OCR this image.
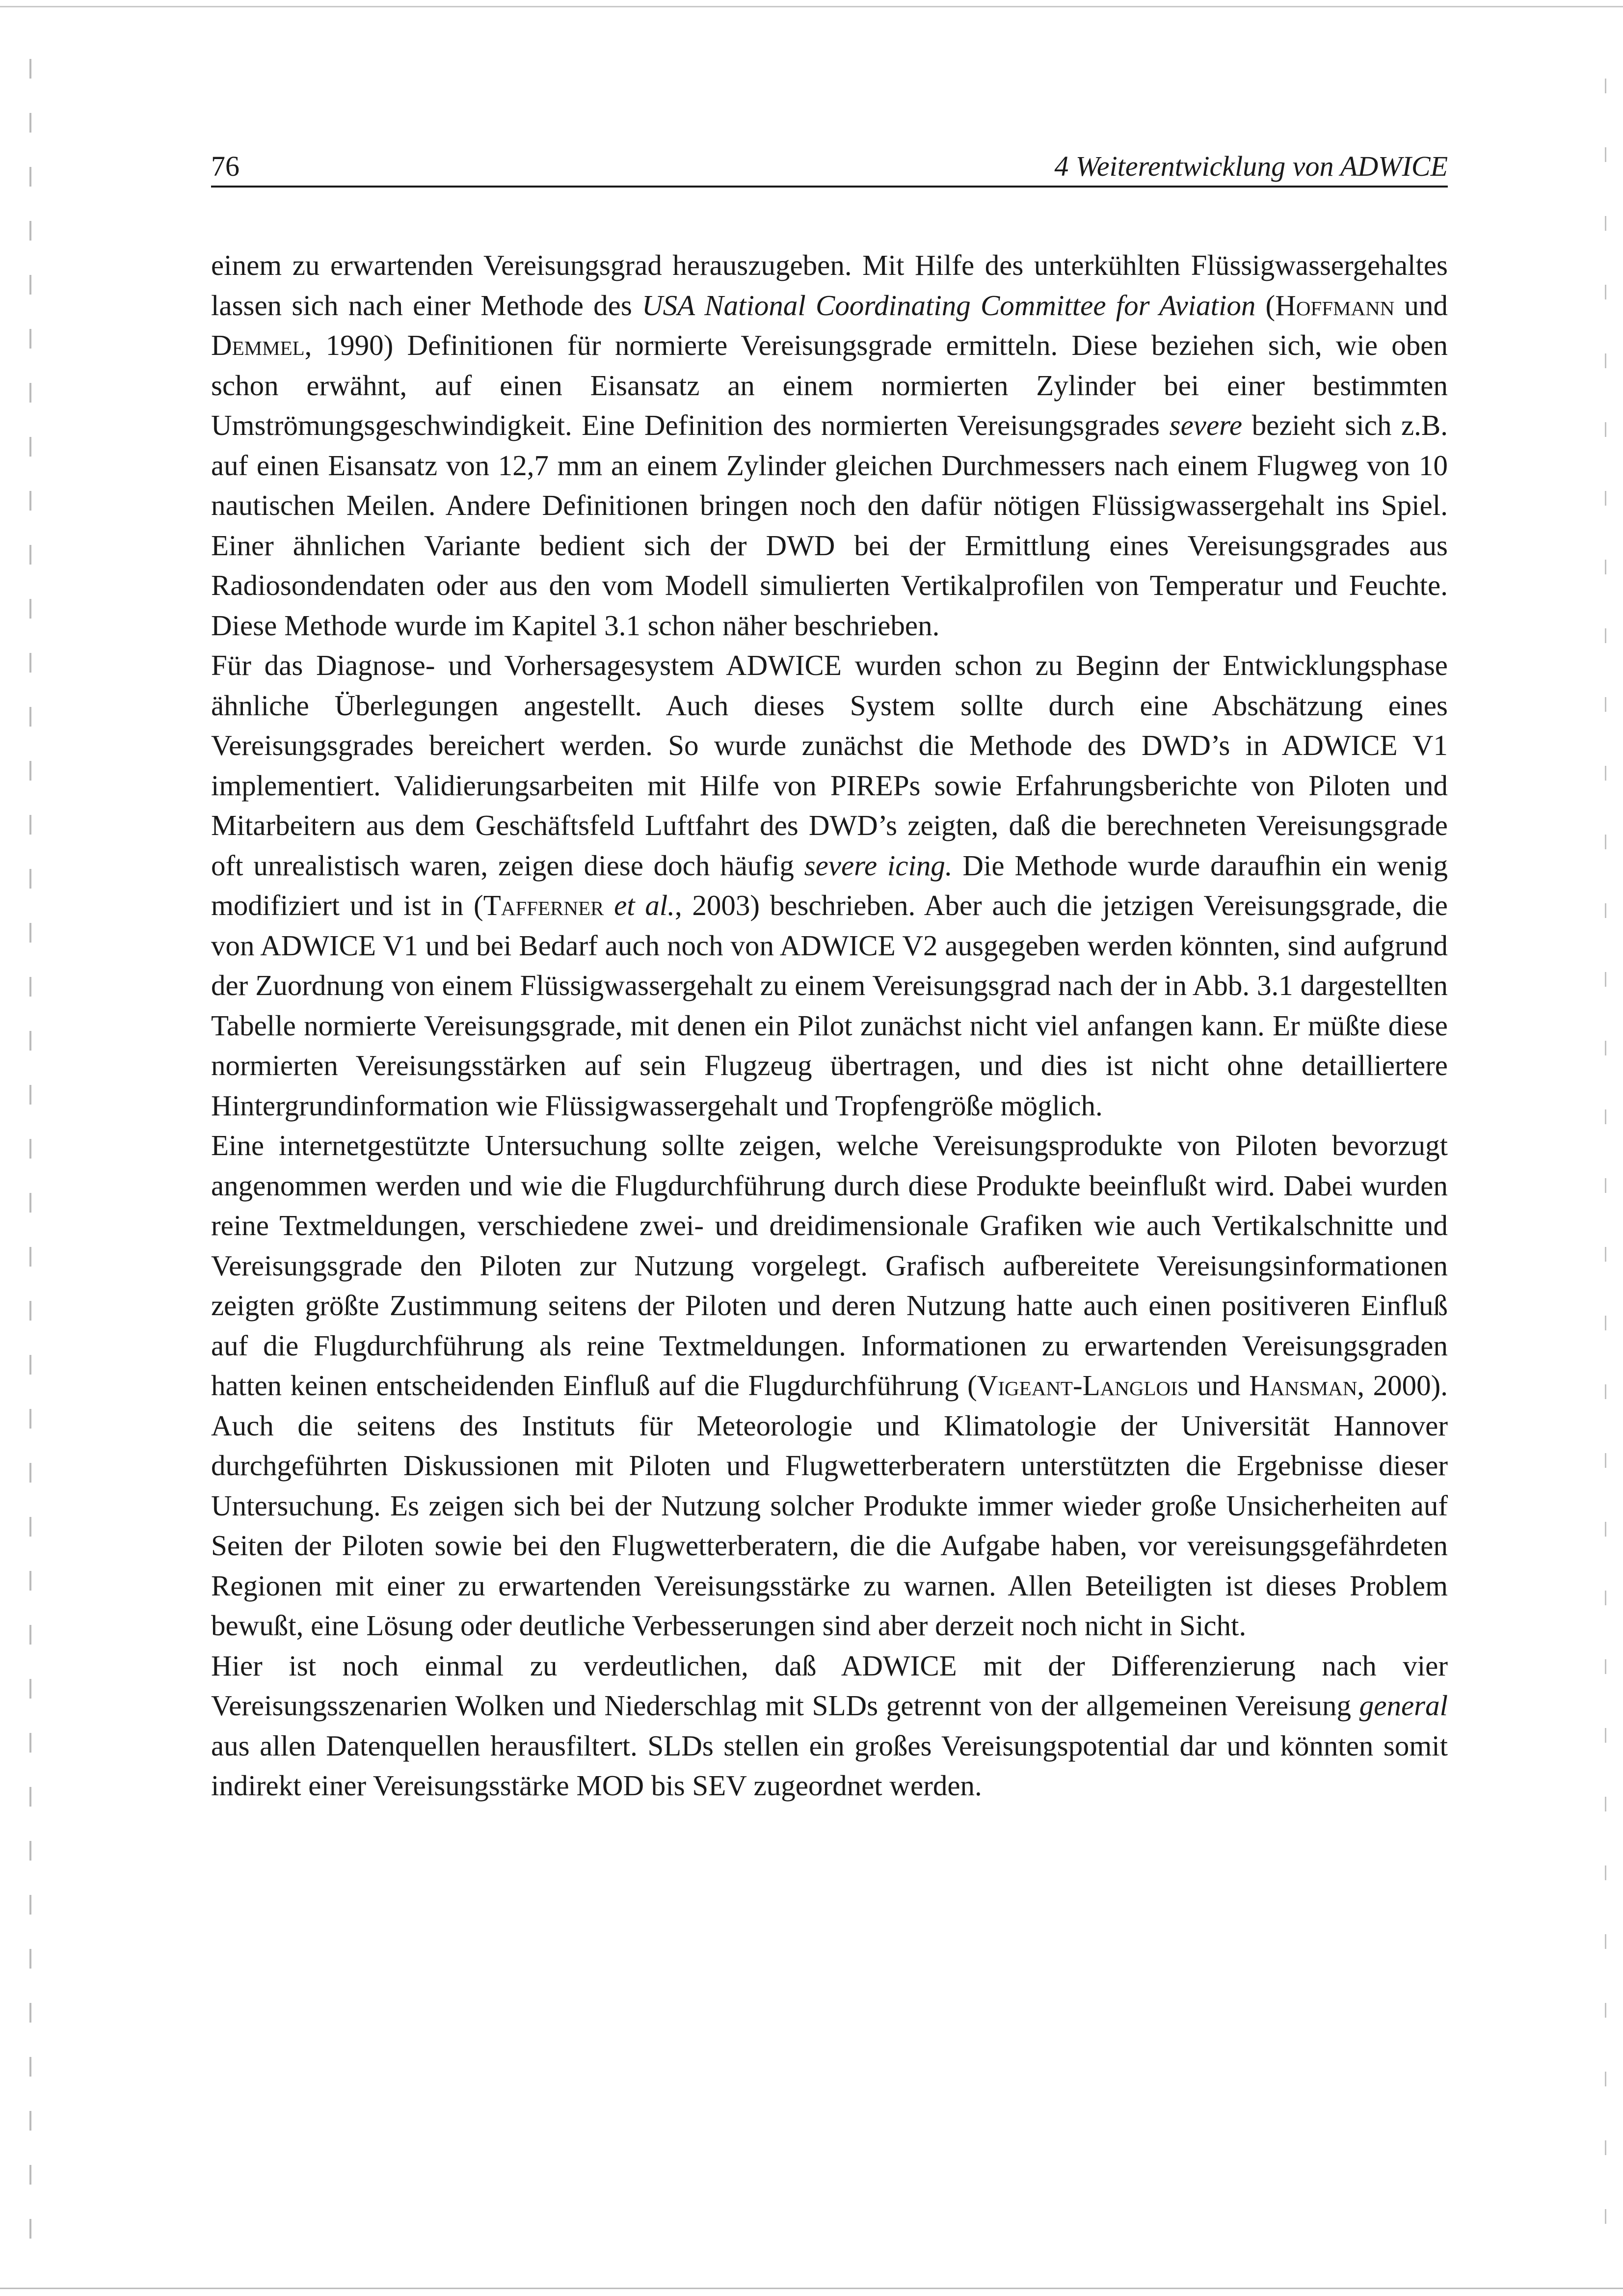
76	4 Weiterentwicklung von ADWICE

einem zu erwartenden Vereisungsgrad herauszugeben. Mit Hilfe des unterkühlten Flüssigwassergehaltes lassen sich nach einer Methode des USA National Coordinating Committee for Aviation (Hoffmann und Demmel, 1990) Definitionen für normierte Vereisungsgrade ermitteln. Diese beziehen sich, wie oben schon erwähnt, auf einen Eisansatz an einem normierten Zylinder bei einer bestimmten Umströmungsgeschwindigkeit. Eine Definition des normierten Vereisungsgrades severe bezieht sich z.B. auf einen Eisansatz von 12,7 mm an einem Zylinder gleichen Durchmessers nach einem Flugweg von 10 nautischen Meilen. Andere Definitionen bringen noch den dafür nötigen Flüssigwassergehalt ins Spiel. Einer ähnlichen Variante bedient sich der DWD bei der Ermittlung eines Vereisungsgrades aus Radiosondendaten oder aus den vom Modell simulierten Vertikalprofilen von Temperatur und Feuchte. Diese Methode wurde im Kapitel 3.1 schon näher beschrieben.

Für das Diagnose- und Vorhersagesystem ADWICE wurden schon zu Beginn der Entwicklungsphase ähnliche Überlegungen angestellt. Auch dieses System sollte durch eine Abschätzung eines Vereisungsgrades bereichert werden. So wurde zunächst die Methode des DWD’s in ADWICE V1 implementiert. Validierungsarbeiten mit Hilfe von PIREPs sowie Erfahrungsberichte von Piloten und Mitarbeitern aus dem Geschäftsfeld Luftfahrt des DWD’s zeigten, daß die berechneten Vereisungsgrade oft unrealistisch waren, zeigen diese doch häufig severe icing. Die Methode wurde daraufhin ein wenig modifiziert und ist in (Tafferner et al., 2003) beschrieben. Aber auch die jetzigen Vereisungsgrade, die von ADWICE V1 und bei Bedarf auch noch von ADWICE V2 ausgegeben werden könnten, sind aufgrund der Zuordnung von einem Flüssigwassergehalt zu einem Vereisungsgrad nach der in Abb. 3.1 dargestellten Tabelle normierte Vereisungsgrade, mit denen ein Pilot zunächst nicht viel anfangen kann. Er müßte diese normierten Vereisungsstärken auf sein Flugzeug übertragen, und dies ist nicht ohne detailliertere Hintergrundinformation wie Flüssigwassergehalt und Tropfengröße möglich.

Eine internetgestützte Untersuchung sollte zeigen, welche Vereisungsprodukte von Piloten bevorzugt angenommen werden und wie die Flugdurchführung durch diese Produkte beeinflußt wird. Dabei wurden reine Textmeldungen, verschiedene zwei- und dreidimensionale Grafiken wie auch Vertikalschnitte und Vereisungsgrade den Piloten zur Nutzung vorgelegt. Grafisch aufbereitete Vereisungsinformationen zeigten größte Zustimmung seitens der Piloten und deren Nutzung hatte auch einen positiveren Einfluß auf die Flugdurchführung als reine Textmeldungen. Informationen zu erwartenden Vereisungsgraden hatten keinen entscheidenden Einfluß auf die Flugdurchführung (Vigeant-Langlois und Hansman, 2000). Auch die seitens des Instituts für Meteorologie und Klimatologie der Universität Hannover durchgeführten Diskussionen mit Piloten und Flugwetterberatern unterstützten die Ergebnisse dieser Untersuchung. Es zeigen sich bei der Nutzung solcher Produkte immer wieder große Unsicherheiten auf Seiten der Piloten sowie bei den Flugwetterberatern, die die Aufgabe haben, vor vereisungsgefährdeten Regionen mit einer zu erwartenden Vereisungsstärke zu warnen. Allen Beteiligten ist dieses Problem bewußt, eine Lösung oder deutliche Verbesserungen sind aber derzeit noch nicht in Sicht.

Hier ist noch einmal zu verdeutlichen, daß ADWICE mit der Differenzierung nach vier Vereisungsszenarien Wolken und Niederschlag mit SLDs getrennt von der allgemeinen Vereisung general aus allen Datenquellen herausfiltert. SLDs stellen ein großes Vereisungspotential dar und könnten somit indirekt einer Vereisungsstärke MOD bis SEV zugeordnet werden.
